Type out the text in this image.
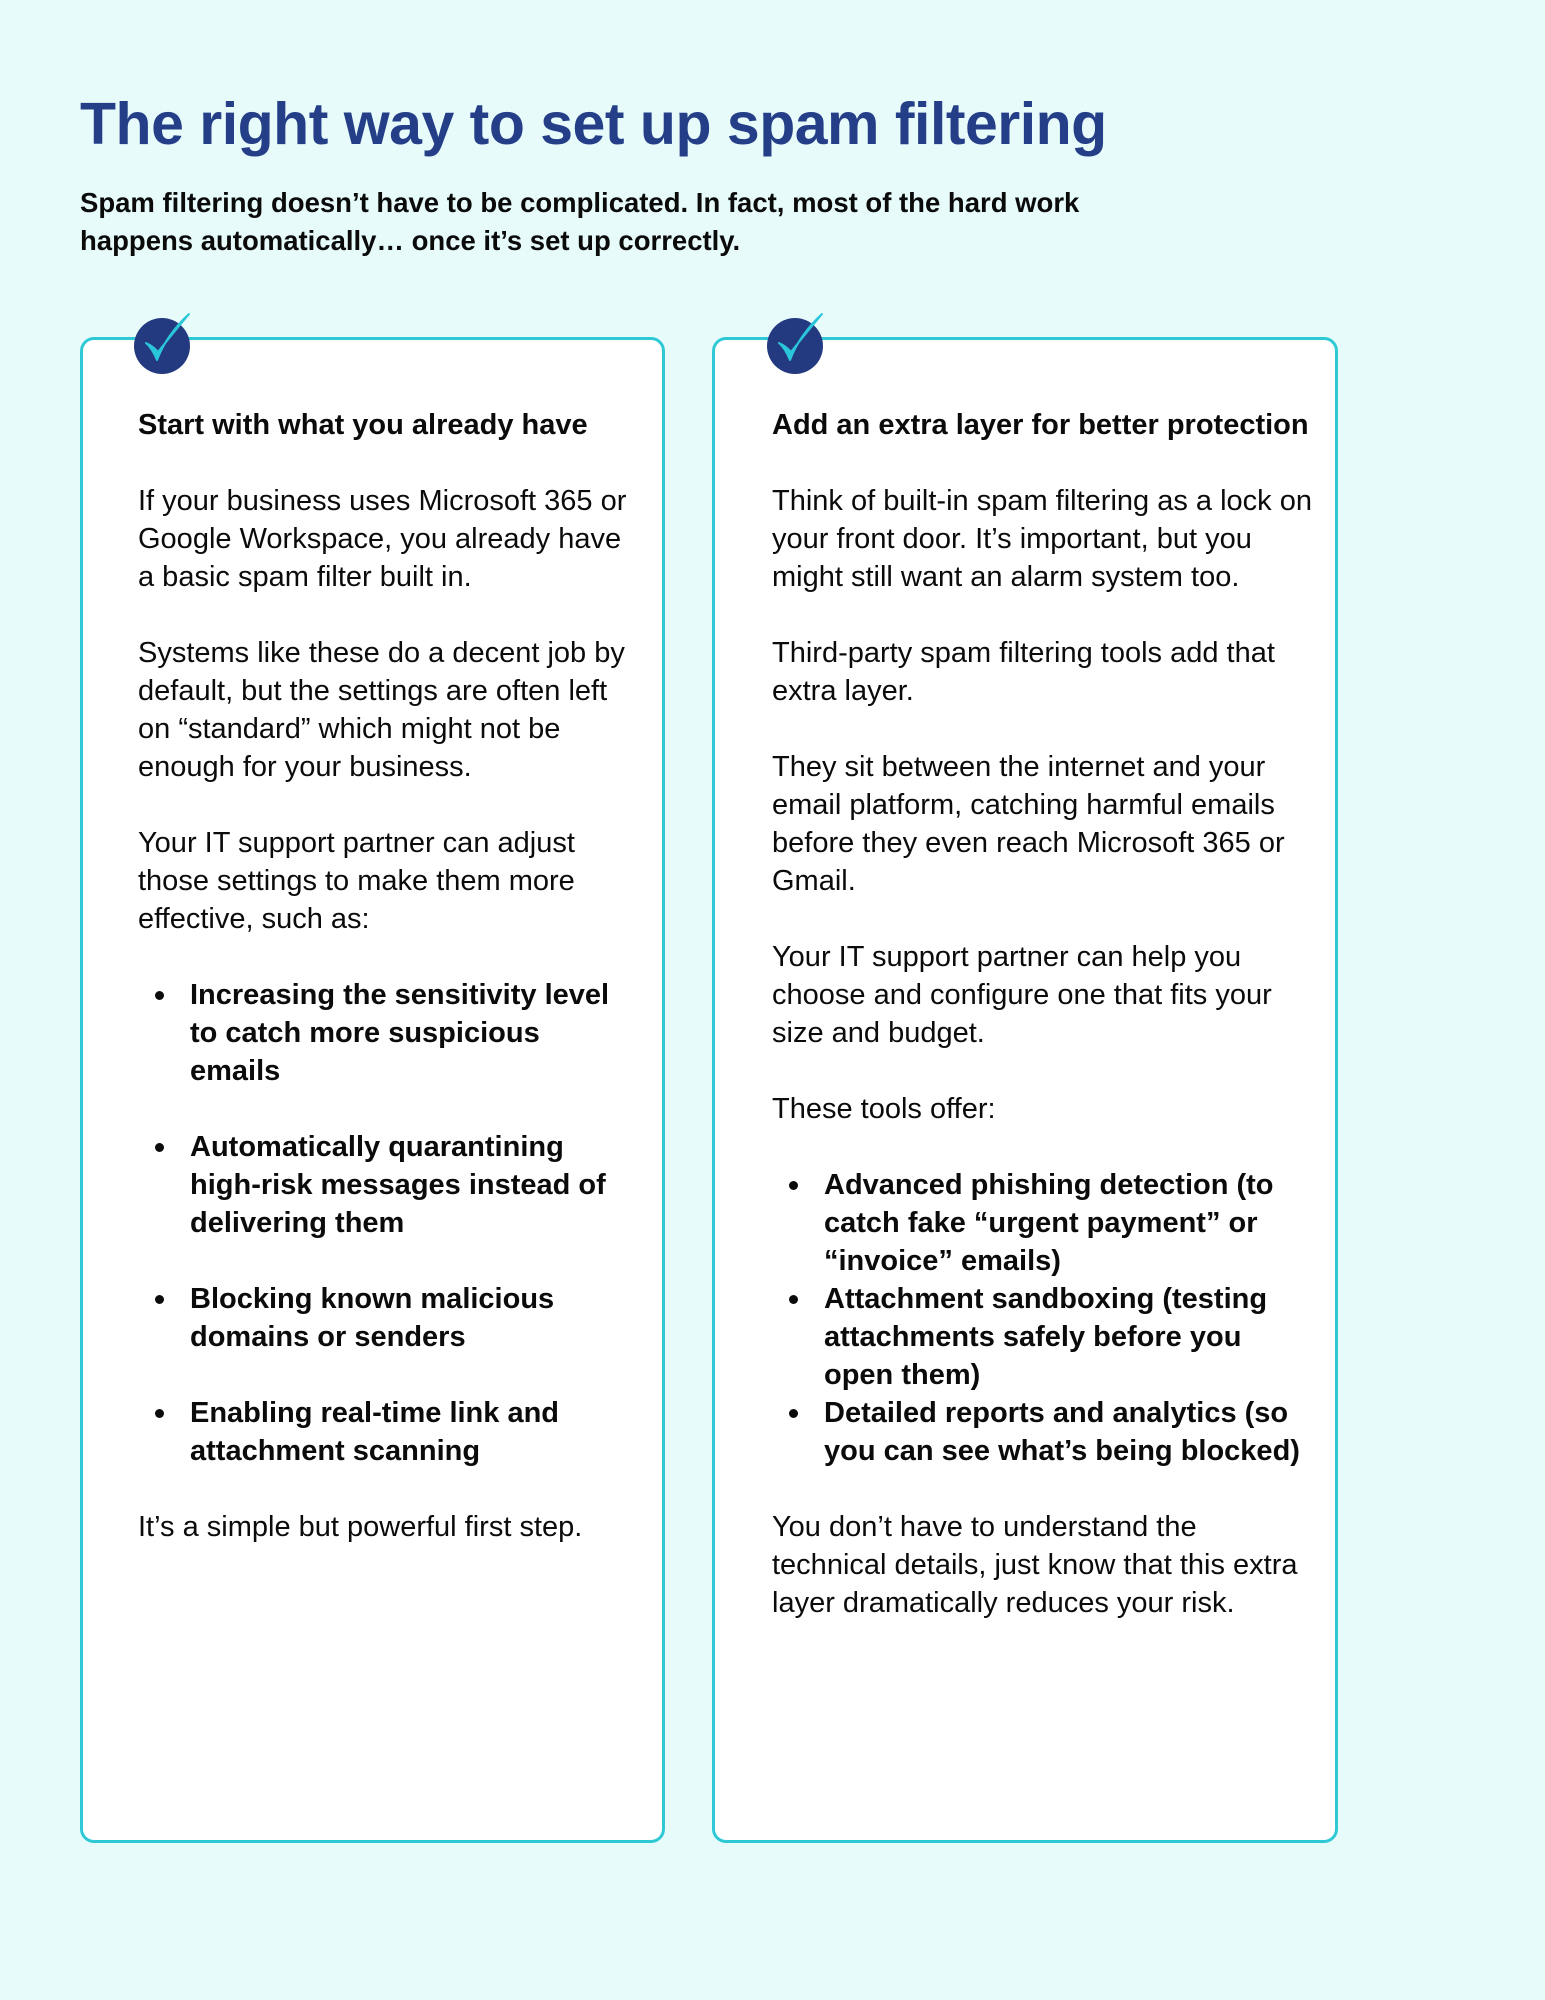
The right way to set up spam filtering

Spam filtering doesn’t have to be complicated. In fact, most of the hard work happens automatically… once it’s set up correctly.

Start with what you already have

If your business uses Microsoft 365 or Google Workspace, you already have a basic spam filter built in.

Systems like these do a decent job by default, but the settings are often left on “standard” which might not be enough for your business.

Your IT support partner can adjust those settings to make them more effective, such as:

Increasing the sensitivity level to catch more suspicious emails
Automatically quarantining high-risk messages instead of delivering them
Blocking known malicious domains or senders
Enabling real-time link and attachment scanning

It’s a simple but powerful first step.

Add an extra layer for better protection

Think of built-in spam filtering as a lock on your front door. It’s important, but you might still want an alarm system too.

Third-party spam filtering tools add that extra layer.

They sit between the internet and your email platform, catching harmful emails before they even reach Microsoft 365 or Gmail.

Your IT support partner can help you choose and configure one that fits your size and budget.

These tools offer:

Advanced phishing detection (to catch fake “urgent payment” or “invoice” emails)
Attachment sandboxing (testing attachments safely before you open them)
Detailed reports and analytics (so you can see what’s being blocked)

You don’t have to understand the technical details, just know that this extra layer dramatically reduces your risk.
